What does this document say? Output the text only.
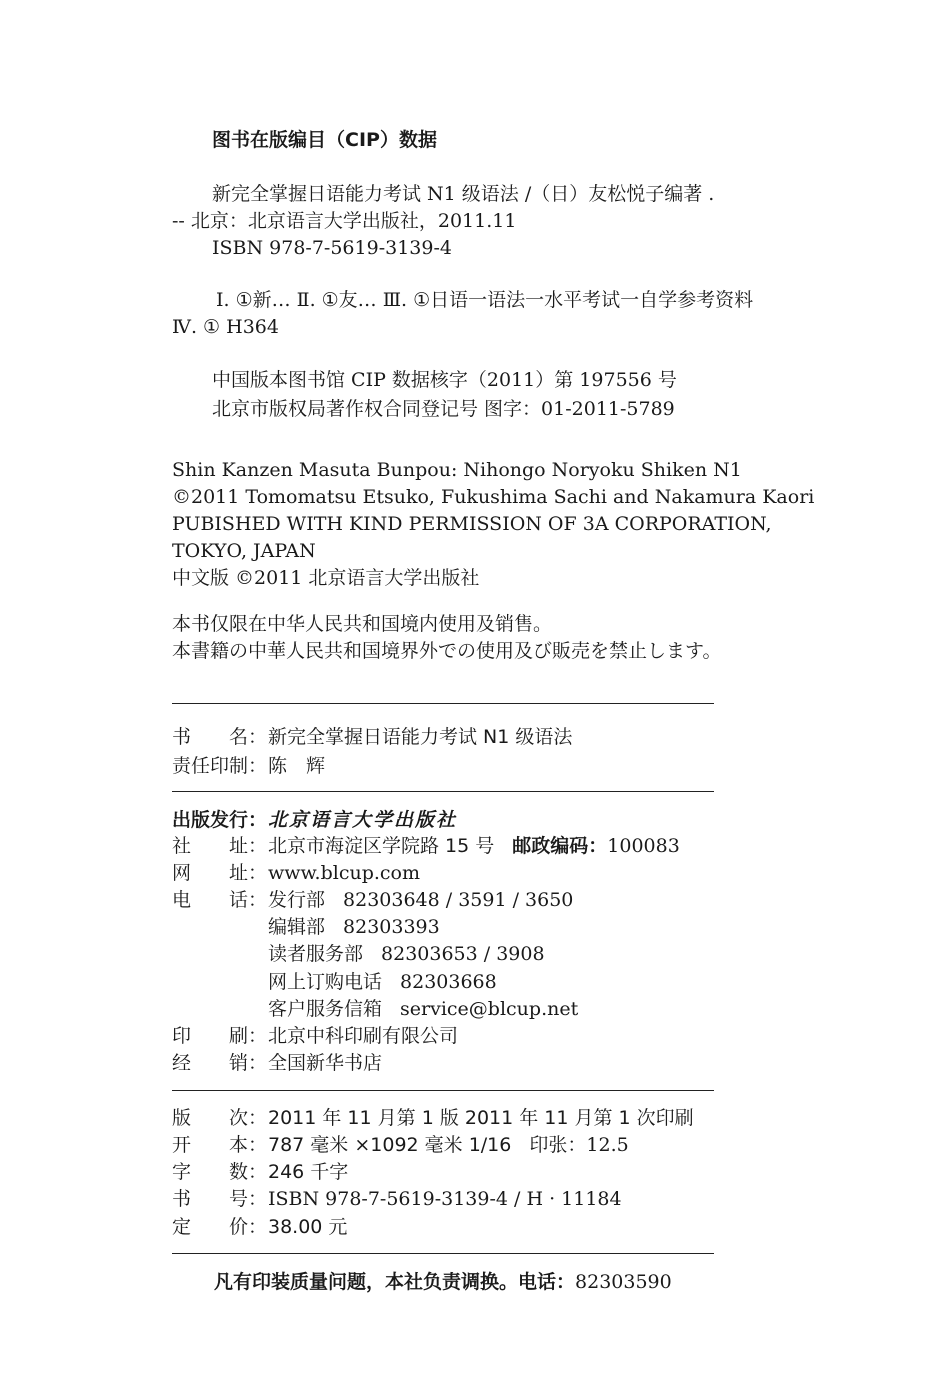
图书在版编目（CIP）数据
新完全掌握日语能力考试 N1 级语法 /（日）友松悦子编著 .
-- 北京：北京语言大学出版社，2011.11
ISBN 978-7-5619-3139-4
Ⅰ. ①新… Ⅱ. ①友… Ⅲ. ①日语一语法一水平考试一自学参考资料
Ⅳ. ① H364
中国版本图书馆 CIP 数据核字（2011）第 197556 号
北京市版权局著作权合同登记号 图字：01-2011-5789
Shin Kanzen Masuta Bunpou: Nihongo Noryoku Shiken N1
©2011 Tomomatsu Etsuko, Fukushima Sachi and Nakamura Kaori
PUBISHED WITH KIND PERMISSION OF 3A CORPORATION,
TOKYO, JAPAN
中文版 ©2011 北京语言大学出版社
本书仅限在中华人民共和国境内使用及销售。
本書籍の中華人民共和国境界外での使用及び販売を禁止します。
书　　名： 新完全掌握日语能力考试 N1 级语法
责任印制： 陈　辉
出版发行： 北京语言大学出版社
社　　址： 北京市海淀区学院路 15 号 邮政编码：100083
网　　址： www.blcup.com
电　　话： 发行部 82303648 / 3591 / 3650
编辑部 82303393
读者服务部 82303653 / 3908
网上订购电话 82303668
客户服务信箱 service@blcup.net
印　　刷： 北京中科印刷有限公司
经　　销： 全国新华书店
版　　次： 2011 年 11 月第 1 版 2011 年 11 月第 1 次印刷
开　　本： 787 毫米 ×1092 毫米 1/16 印张：12.5
字　　数： 246 千字
书　　号： ISBN 978-7-5619-3139-4 / H · 11184
定　　价： 38.00 元
凡有印装质量问题，本社负责调换。电话：82303590
